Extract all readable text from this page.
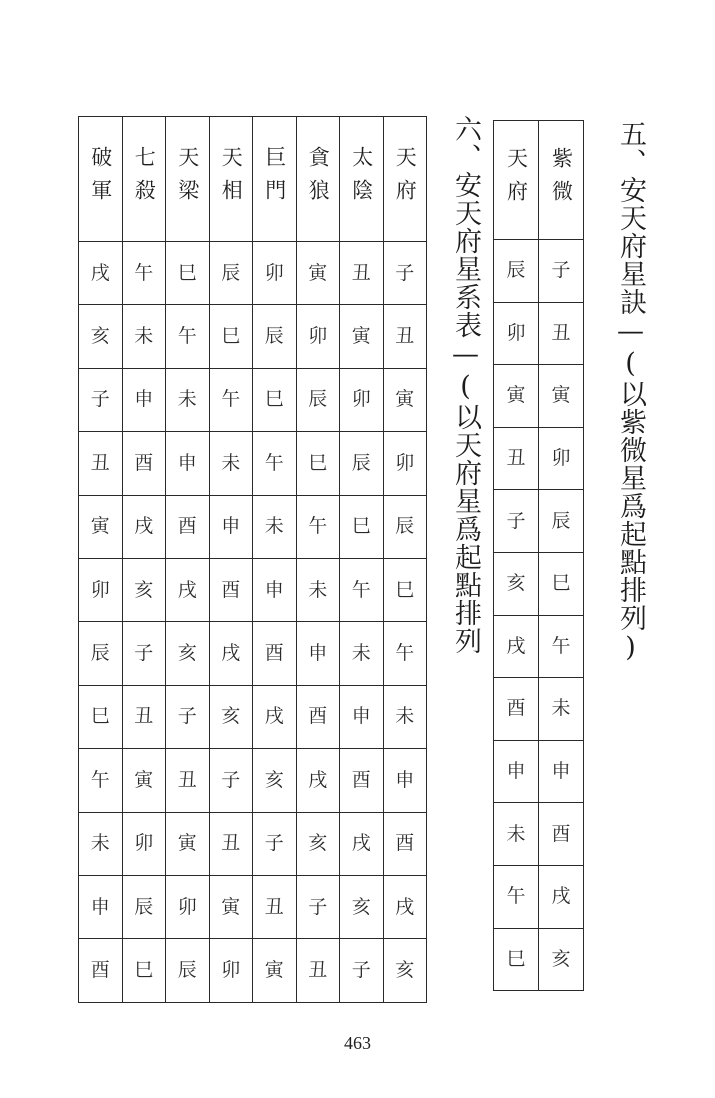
五、安天府星訣—(以紫微星爲起點排列)
天府	紫微
辰	子
卯	丑
寅	寅
丑	卯
子	辰
亥	巳
戌	午
酉	未
申	申
未	酉
午	戌
巳	亥
六、安天府星系表—(以天府星爲起點排列
破軍	七殺	天梁	天相	巨門	貪狼	太陰	天府
戌	午	巳	辰	卯	寅	丑	子
亥	未	午	巳	辰	卯	寅	丑
子	申	未	午	巳	辰	卯	寅
丑	酉	申	未	午	巳	辰	卯
寅	戌	酉	申	未	午	巳	辰
卯	亥	戌	酉	申	未	午	巳
辰	子	亥	戌	酉	申	未	午
巳	丑	子	亥	戌	酉	申	未
午	寅	丑	子	亥	戌	酉	申
未	卯	寅	丑	子	亥	戌	酉
申	辰	卯	寅	丑	子	亥	戌
酉	巳	辰	卯	寅	丑	子	亥
463
